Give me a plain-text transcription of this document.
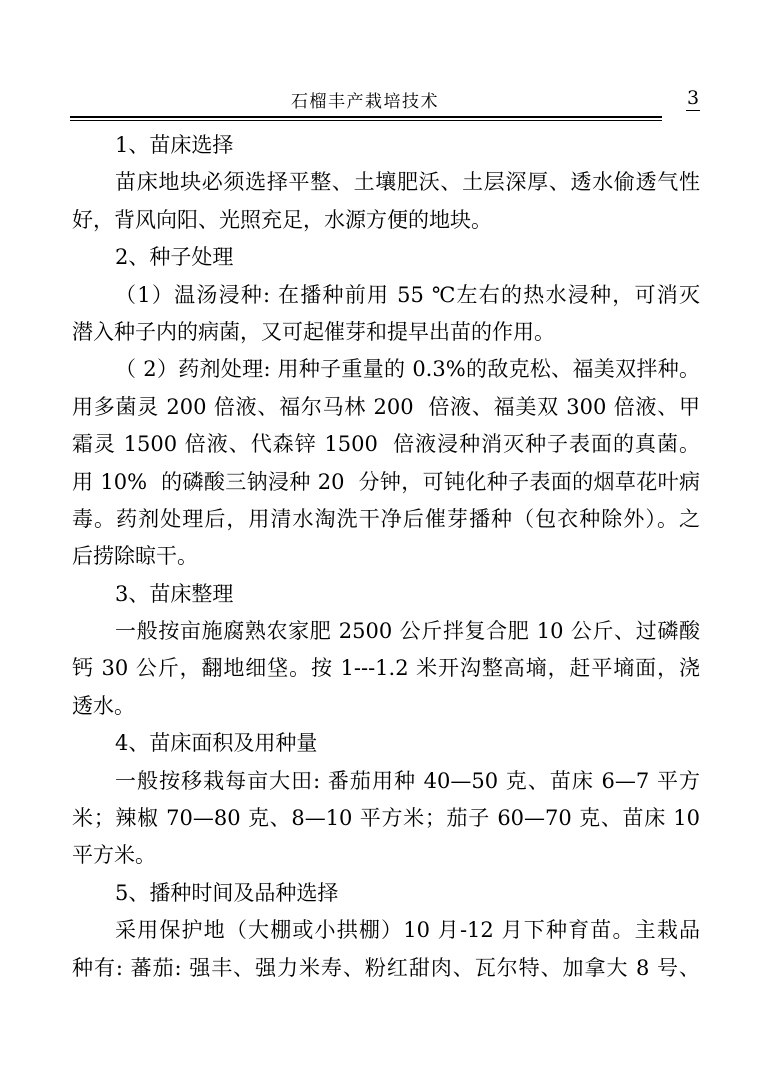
石榴丰产栽培技术	3
1、苗床选择
苗床地块必须选择平整、土壤肥沃、土层深厚、透水偷透气性
好，背风向阳、光照充足，水源方便的地块。
2、种子处理
（1）温汤浸种: 在播种前用 55 ℃左右的热水浸种，可消灭
潜入种子内的病菌，又可起催芽和提早出苗的作用。
（ 2）药剂处理: 用种子重量的 0.3%的敌克松、福美双拌种。
用多菌灵 200 倍液、福尔马林 200  倍液、福美双 300 倍液、甲
霜灵 1500 倍液、代森锌 1500  倍液浸种消灭种子表面的真菌。
用 10%  的磷酸三钠浸种 20  分钟，可钝化种子表面的烟草花叶病
毒。药剂处理后，用清水淘洗干净后催芽播种（包衣种除外）。之
后捞除晾干。
3、苗床整理
一般按亩施腐熟农家肥 2500 公斤拌复合肥 10 公斤、过磷酸
钙 30 公斤，翻地细垡。按 1---1.2 米开沟整高墒，赶平墒面，浇
透水。
4、苗床面积及用种量
一般按移栽每亩大田: 番茄用种 40—50 克、苗床 6—7 平方
米；辣椒 70—80 克、8—10 平方米；茄子 60—70 克、苗床 10
平方米。
5、播种时间及品种选择
采用保护地（大棚或小拱棚）10 月-12 月下种育苗。主栽品
种有: 蕃茄: 强丰、强力米寿、粉红甜肉、瓦尔特、加拿大 8 号、
